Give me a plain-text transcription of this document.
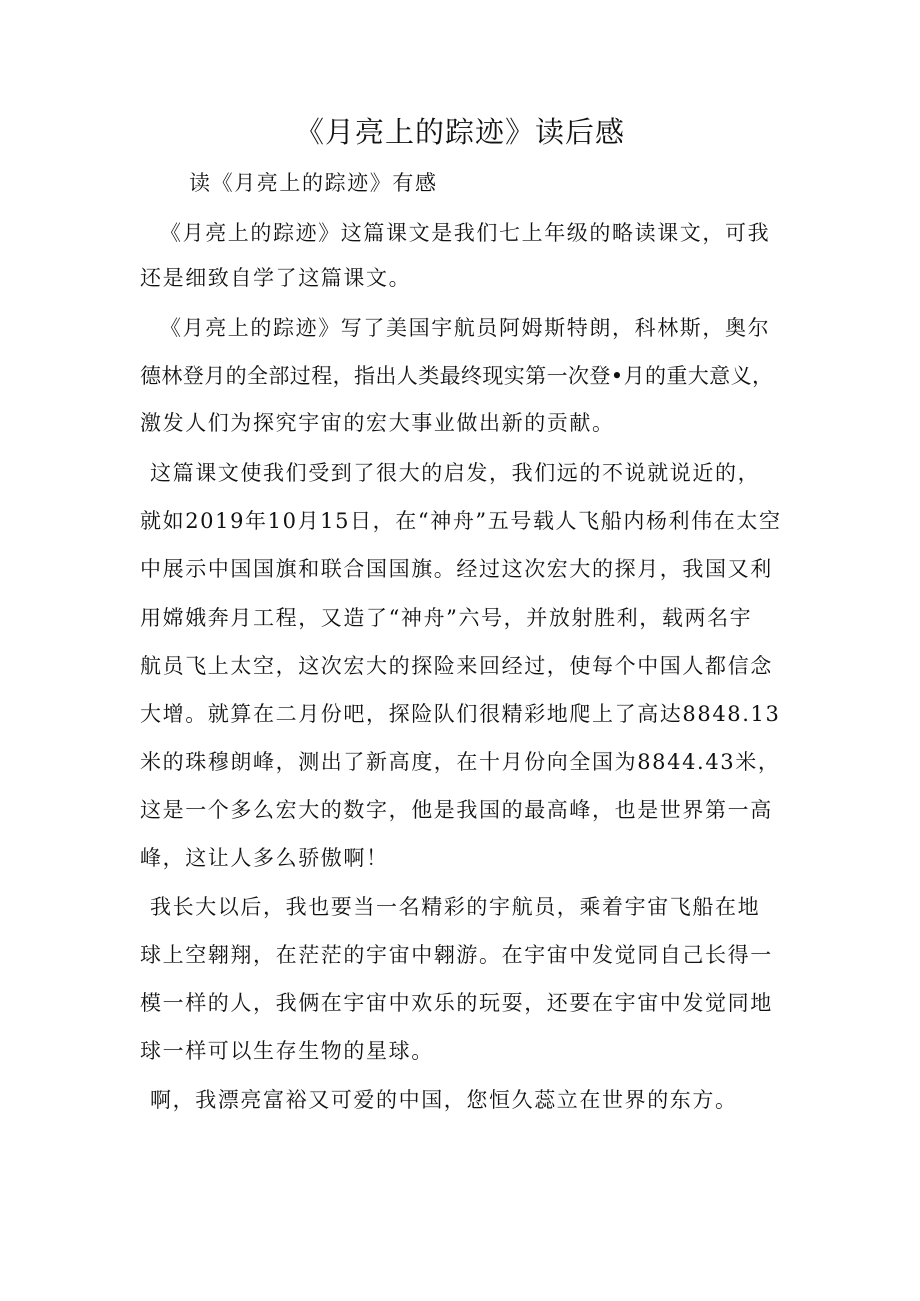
《月亮上的踪迹》读后感
读《月亮上的踪迹》有感
《月亮上的踪迹》这篇课文是我们七上年级的略读课文，可我
还是细致自学了这篇课文。
《月亮上的踪迹》写了美国宇航员阿姆斯特朗，科林斯，奥尔
德林登月的全部过程，指出人类最终现实第一次登•月的重大意义，
激发人们为探究宇宙的宏大事业做出新的贡献。
这篇课文使我们受到了很大的启发，我们远的不说就说近的，
就如2019年10月15日，在“神舟”五号载人飞船内杨利伟在太空
中展示中国国旗和联合国国旗。经过这次宏大的探月，我国又利
用嫦娥奔月工程，又造了“神舟”六号，并放射胜利，载两名宇
航员飞上太空，这次宏大的探险来回经过，使每个中国人都信念
大增。就算在二月份吧，探险队们很精彩地爬上了高达8848.13
米的珠穆朗峰，测出了新高度，在十月份向全国为8844.43米，
这是一个多么宏大的数字，他是我国的最高峰，也是世界第一高
峰，这让人多么骄傲啊！
我长大以后，我也要当一名精彩的宇航员，乘着宇宙飞船在地
球上空翱翔，在茫茫的宇宙中翱游。在宇宙中发觉同自己长得一
模一样的人，我俩在宇宙中欢乐的玩耍，还要在宇宙中发觉同地
球一样可以生存生物的星球。
啊，我漂亮富裕又可爱的中国，您恒久蕊立在世界的东方。
